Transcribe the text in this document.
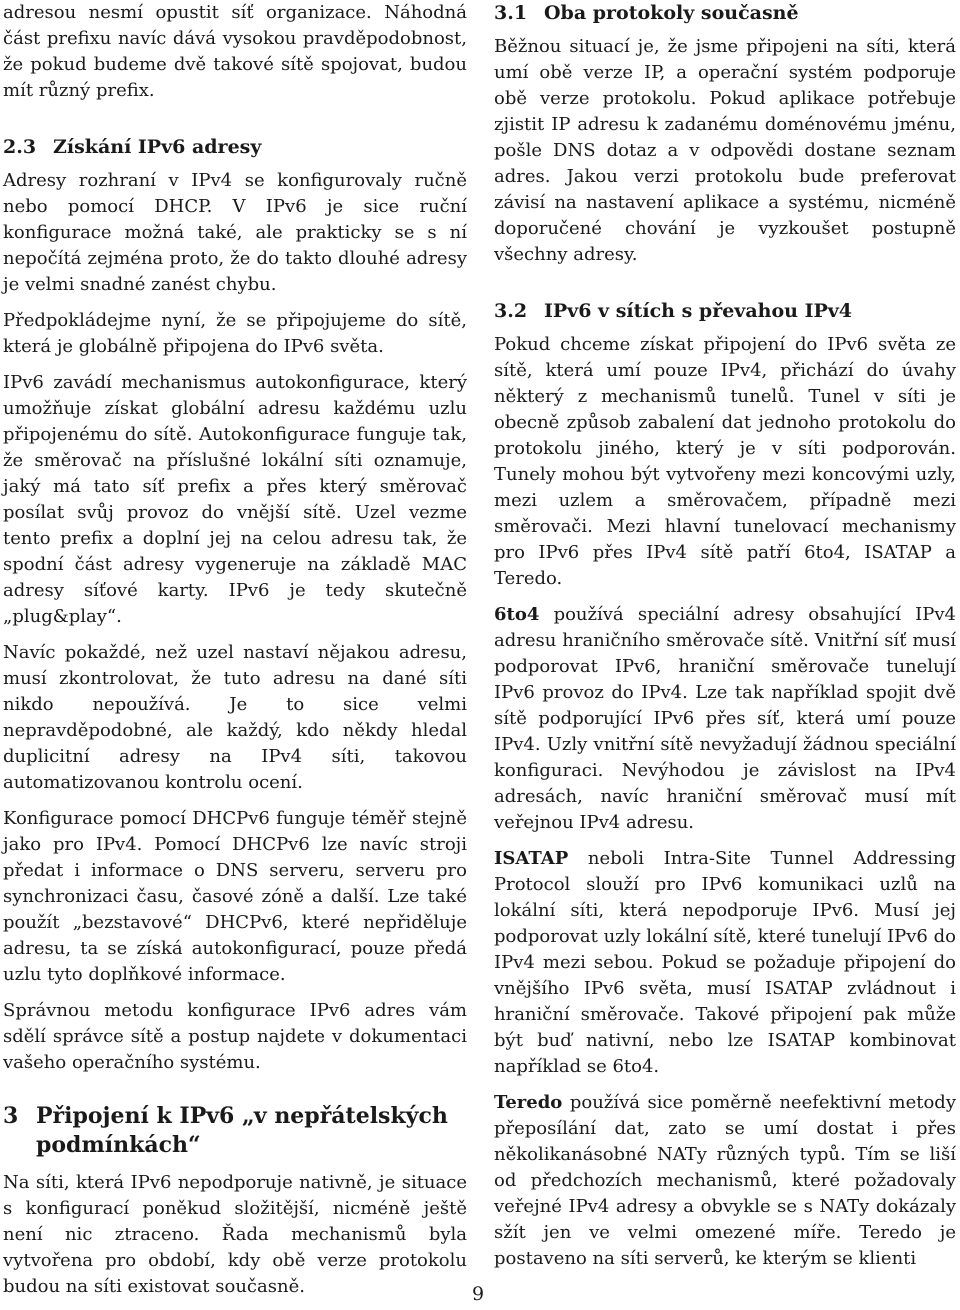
adresou nesmí opustit síť organizace. Náhodná část prefixu navíc dává vysokou pravděpodobnost, že pokud budeme dvě takové sítě spojovat, budou mít různý prefix.

2.3 Získání IPv6 adresy

Adresy rozhraní v IPv4 se konfigurovaly ručně nebo pomocí DHCP. V IPv6 je sice ruční konfigurace možná také, ale prakticky se s ní nepočítá zejména proto, že do takto dlouhé adresy je velmi snadné zanést chybu.

Předpokládejme nyní, že se připojujeme do sítě, která je globálně připojena do IPv6 světa.

IPv6 zavádí mechanismus autokonfigurace, který umožňuje získat globální adresu každému uzlu připojenému do sítě. Autokonfigurace funguje tak, že směrovač na příslušné lokální síti oznamuje, jaký má tato síť prefix a přes který směrovač posílat svůj provoz do vnější sítě. Uzel vezme tento prefix a doplní jej na celou adresu tak, že spodní část adresy vygeneruje na základě MAC adresy síťové karty. IPv6 je tedy skutečně „plug&play“.

Navíc pokaždé, než uzel nastaví nějakou adresu, musí zkontrolovat, že tuto adresu na dané síti nikdo nepoužívá. Je to sice velmi nepravděpodobné, ale každý, kdo někdy hledal duplicitní adresy na IPv4 síti, takovou automatizovanou kontrolu ocení.

Konfigurace pomocí DHCPv6 funguje téměř stejně jako pro IPv4. Pomocí DHCPv6 lze navíc stroji předat i informace o DNS serveru, serveru pro synchronizaci času, časové zóně a další. Lze také použít „bezstavové“ DHCPv6, které nepřiděluje adresu, ta se získá autokonfigurací, pouze předá uzlu tyto doplňkové informace.

Správnou metodu konfigurace IPv6 adres vám sdělí správce sítě a postup najdete v dokumentaci vašeho operačního systému.

3 Připojení k IPv6 „v nepřátelských podmínkách“

Na síti, která IPv6 nepodporuje nativně, je situace s konfigurací poněkud složitější, nicméně ještě není nic ztraceno. Řada mechanismů byla vytvořena pro období, kdy obě verze protokolu budou na síti existovat současně.

3.1 Oba protokoly současně

Běžnou situací je, že jsme připojeni na síti, která umí obě verze IP, a operační systém podporuje obě verze protokolu. Pokud aplikace potřebuje zjistit IP adresu k zadanému doménovému jménu, pošle DNS dotaz a v odpovědi dostane seznam adres. Jakou verzi protokolu bude preferovat závisí na nastavení aplikace a systému, nicméně doporučené chování je vyzkoušet postupně všechny adresy.

3.2 IPv6 v sítích s převahou IPv4

Pokud chceme získat připojení do IPv6 světa ze sítě, která umí pouze IPv4, přichází do úvahy některý z mechanismů tunelů. Tunel v síti je obecně způsob zabalení dat jednoho protokolu do protokolu jiného, který je v síti podporován. Tunely mohou být vytvořeny mezi koncovými uzly, mezi uzlem a směrovačem, případně mezi směrovači. Mezi hlavní tunelovací mechanismy pro IPv6 přes IPv4 sítě patří 6to4, ISATAP a Teredo.

6to4 používá speciální adresy obsahující IPv4 adresu hraničního směrovače sítě. Vnitřní síť musí podporovat IPv6, hraniční směrovače tunelují IPv6 provoz do IPv4. Lze tak například spojit dvě sítě podporující IPv6 přes síť, která umí pouze IPv4. Uzly vnitřní sítě nevyžadují žádnou speciální konfiguraci. Nevýhodou je závislost na IPv4 adresách, navíc hraniční směrovač musí mít veřejnou IPv4 adresu.

ISATAP neboli Intra-Site Tunnel Addressing Protocol slouží pro IPv6 komunikaci uzlů na lokální síti, která nepodporuje IPv6. Musí jej podporovat uzly lokální sítě, které tunelují IPv6 do IPv4 mezi sebou. Pokud se požaduje připojení do vnějšího IPv6 světa, musí ISATAP zvládnout i hraniční směrovače. Takové připojení pak může být buď nativní, nebo lze ISATAP kombinovat například se 6to4.

Teredo používá sice poměrně neefektivní metody přeposílání dat, zato se umí dostat i přes několikanásobné NATy různých typů. Tím se liší od předchozích mechanismů, které požadovaly veřejné IPv4 adresy a obvykle se s NATy dokázaly sžít jen ve velmi omezené míře. Teredo je postaveno na síti serverů, ke kterým se klienti

9
